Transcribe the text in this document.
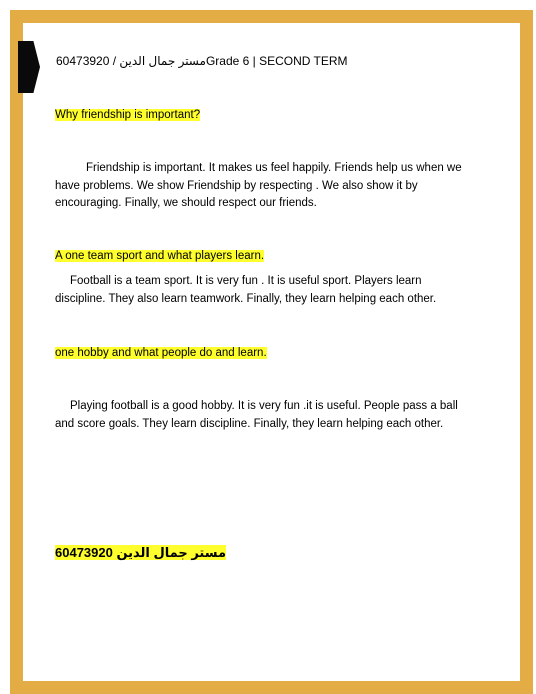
60473920 / مستر جمال الدينGrade 6 | SECOND TERM
Why friendship is important?

Friendship is important. It makes us feel happily. Friends help us when we have problems. We show Friendship by respecting . We also show it by encouraging. Finally, we should respect our friends.

A one team sport and what players learn.

Football is a team sport. It is very fun . It is useful sport. Players learn discipline. They also learn teamwork. Finally, they learn helping each other.

one hobby and what people do and learn.

Playing football is a good hobby. It is very fun .it is useful. People pass a ball and score goals. They learn discipline. Finally, they learn helping each other.

60473920 مستر جمال الدين
